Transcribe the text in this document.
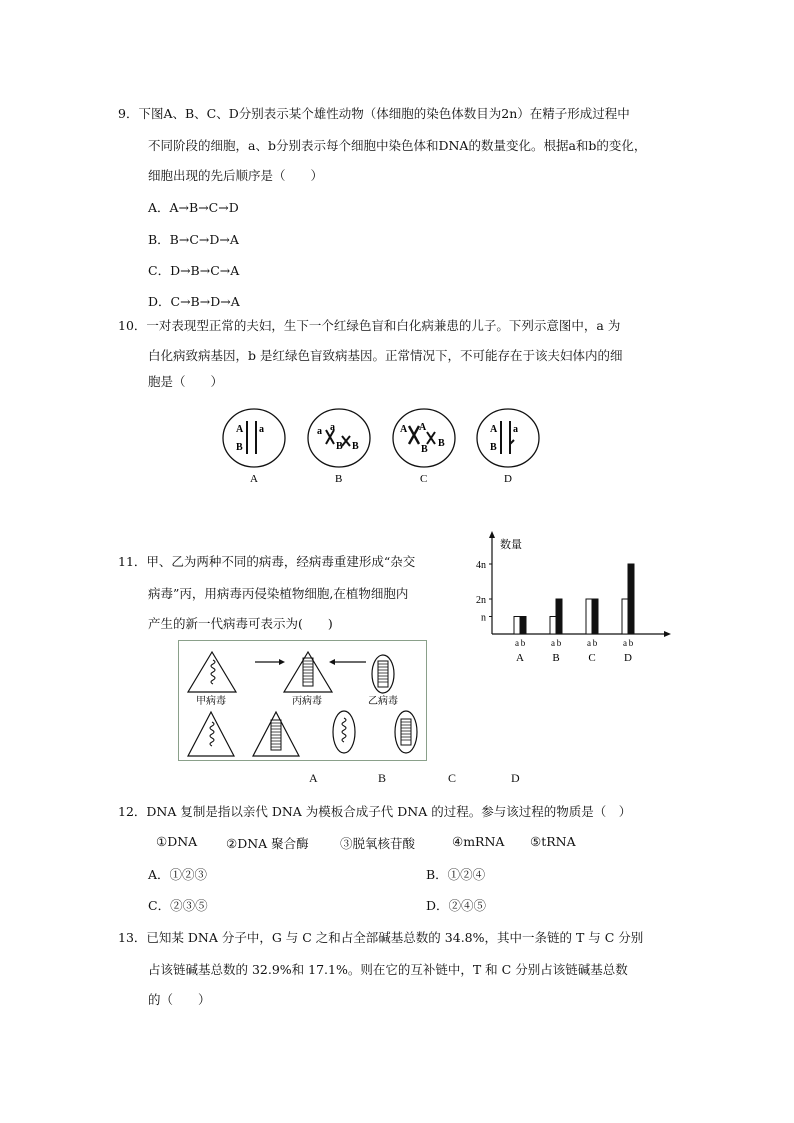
9．下图A、B、C、D分别表示某个雄性动物（体细胞的染色体数目为2n）在精子形成过程中
不同阶段的细胞，a、b分别表示每个细胞中染色体和DNA的数量变化。根据a和b的变化，
细胞出现的先后顺序是（　　）
A．A→B→C→D
B．B→C→D→A
C．D→B→C→A
D．C→B→D→A
10．一对表现型正常的夫妇，生下一个红绿色盲和白化病兼患的儿子。下列示意图中，a 为
白化病致病基因，b 是红绿色盲致病基因。正常情况下，不可能存在于该夫妇体内的细
胞是（　　）
A a
B
A
a a
B B
B
A A
B
B
C
A a
B
D
11．甲、乙为两种不同的病毒，经病毒重建形成“杂交
病毒”丙，用病毒丙侵染植物细胞,在植物细胞内
产生的新一代病毒可表示为(　　)
数量
n
2n
4n
a b
A
a b
B
a b
C
a b
D
甲病毒	丙病毒	乙病毒
A	B	C	D
12．DNA 复制是指以亲代 DNA 为模板合成子代 DNA 的过程。参与该过程的物质是（　）
①DNA ②DNA 聚合酶	③脱氧核苷酸	④mRNA ⑤tRNA
A．①②③	B．①②④
C．②③⑤	D．②④⑤
13．已知某 DNA 分子中，G 与 C 之和占全部碱基总数的 34.8%，其中一条链的 T 与 C 分别
占该链碱基总数的 32.9%和 17.1%。则在它的互补链中，T 和 C 分别占该链碱基总数
的（　　）
